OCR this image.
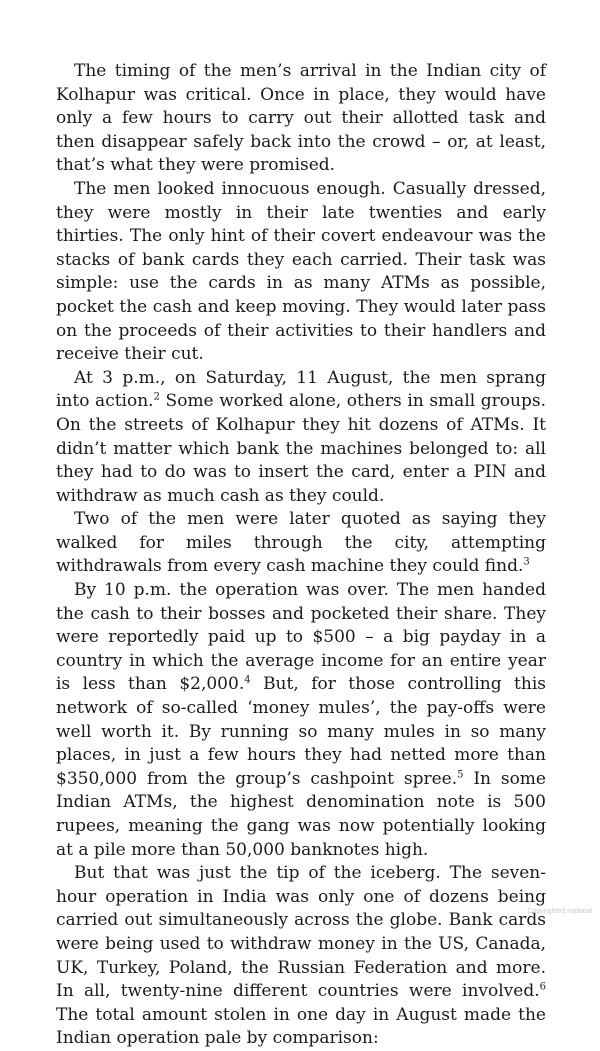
The timing of the men’s arrival in the Indian city of Kolhapur was critical. Once in place, they would have only a few hours to carry out their allotted task and then disappear safely back into the crowd – or, at least, that’s what they were promised.

The men looked innocuous enough. Casually dressed, they were mostly in their late twenties and early thirties. The only hint of their covert endeavour was the stacks of bank cards they each carried. Their task was simple: use the cards in as many ATMs as possible, pocket the cash and keep moving. They would later pass on the proceeds of their activities to their handlers and receive their cut.

At 3 p.m., on Saturday, 11 August, the men sprang into action.$^2$ Some worked alone, others in small groups. On the streets of Kolhapur they hit dozens of ATMs. It didn’t matter which bank the machines belonged to: all they had to do was to insert the card, enter a PIN and withdraw as much cash as they could.

Two of the men were later quoted as saying they walked for miles through the city, attempting withdrawals from every cash machine they could find.$^3$

By 10 p.m. the operation was over. The men handed the cash to their bosses and pocketed their share. They were reportedly paid up to $500 – a big payday in a country in which the average income for an entire year is less than $2,000.$^4$ But, for those controlling this network of so-called ‘money mules’, the pay-offs were well worth it. By running so many mules in so many places, in just a few hours they had netted more than $350,000 from the group’s cashpoint spree.$^5$ In some Indian ATMs, the highest denomination note is 500 rupees, meaning the gang was now potentially looking at a pile more than 50,000 banknotes high.

But that was just the tip of the iceberg. The seven-hour operation in India was only one of dozens being carried out simultaneously across the globe. Bank cards were being used to withdraw money in the US, Canada, UK, Turkey, Poland, the Russian Federation and more. In all, twenty-nine different countries were involved.$^6$ The total amount stolen in one day in August made the Indian operation pale by comparison:

Copyrighted material
